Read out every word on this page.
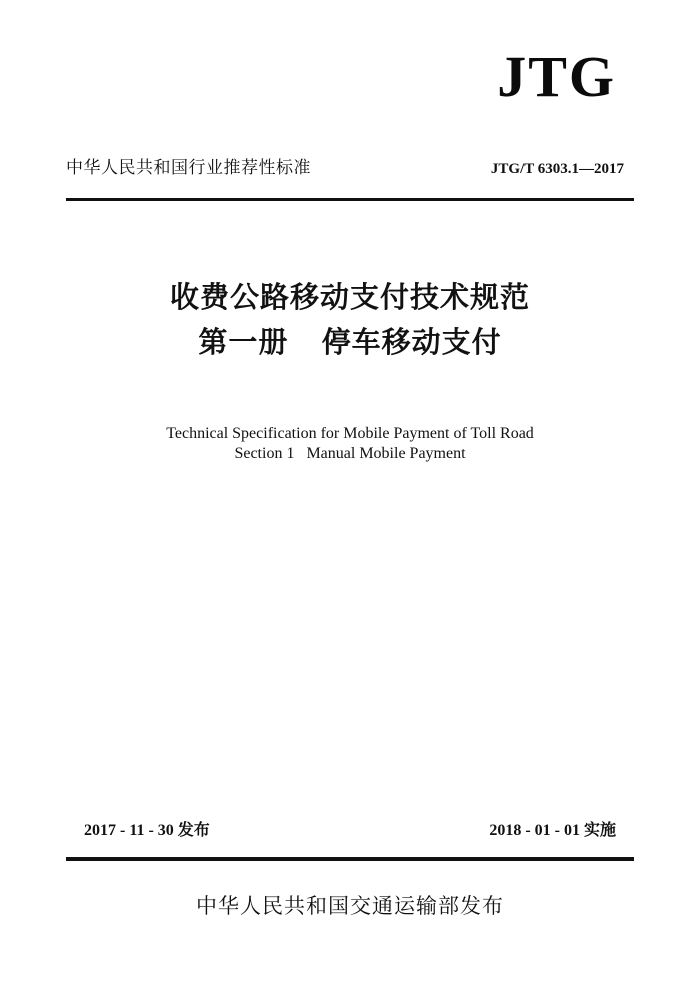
JTG
中华人民共和国行业推荐性标准	JTG/T 6303.1—2017
收费公路移动支付技术规范
第一册   停车移动支付
Technical Specification for Mobile Payment of Toll Road
Section 1   Manual Mobile Payment
2017 - 11 - 30 发布	2018 - 01 - 01 实施
中华人民共和国交通运输部发布
